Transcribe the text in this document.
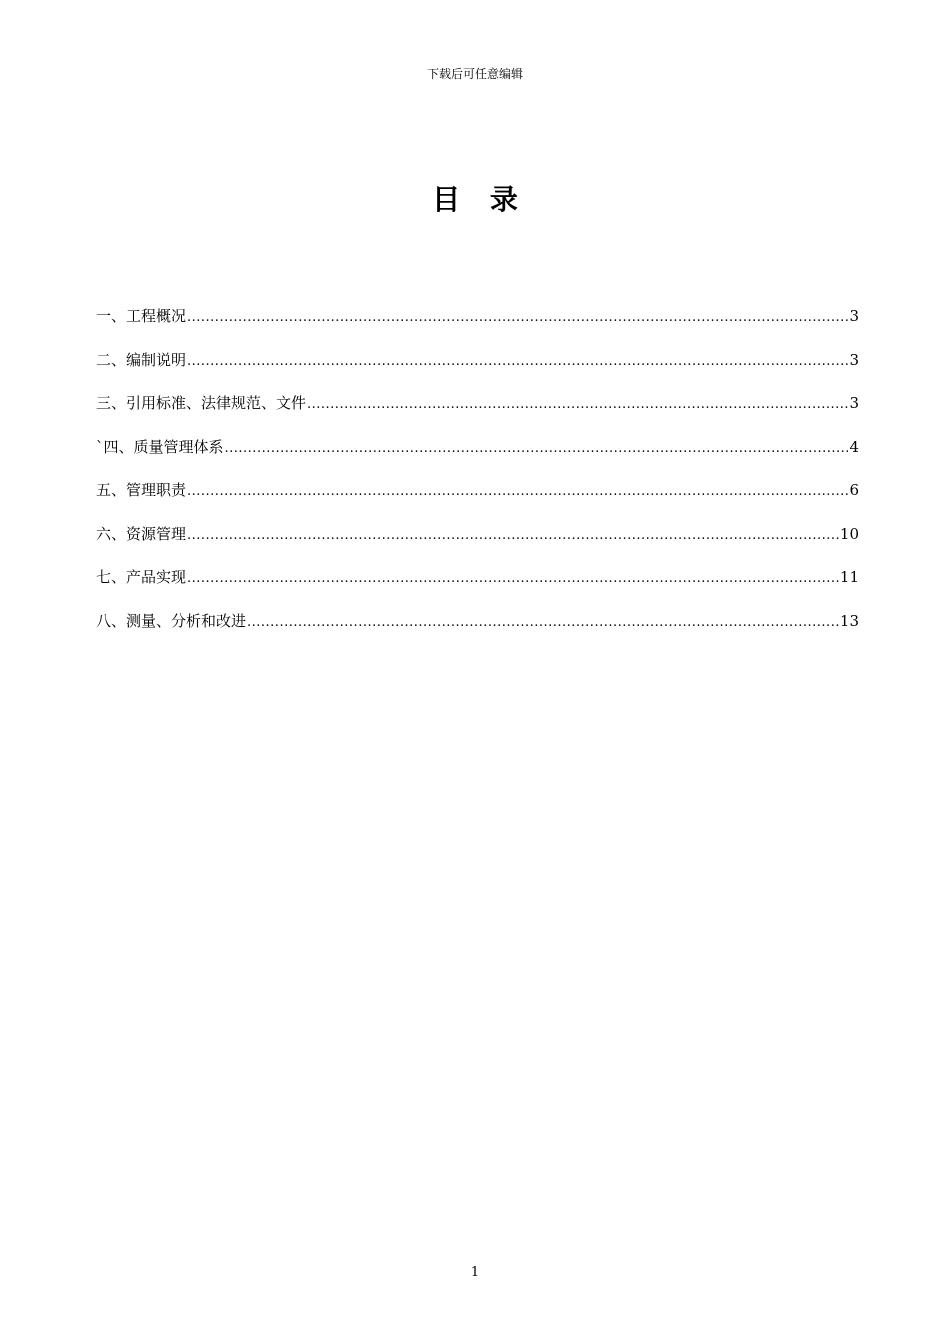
下载后可任意编辑
目 录
一、工程概况 .....	3
二、编制说明 .....	3
三、引用标准、法律规范、文件 .....	3
`四、质量管理体系 .....	4
五、管理职责 .....	6
六、资源管理 .....	10
七、产品实现 .....	11
八、测量、分析和改进 .....	13
1
